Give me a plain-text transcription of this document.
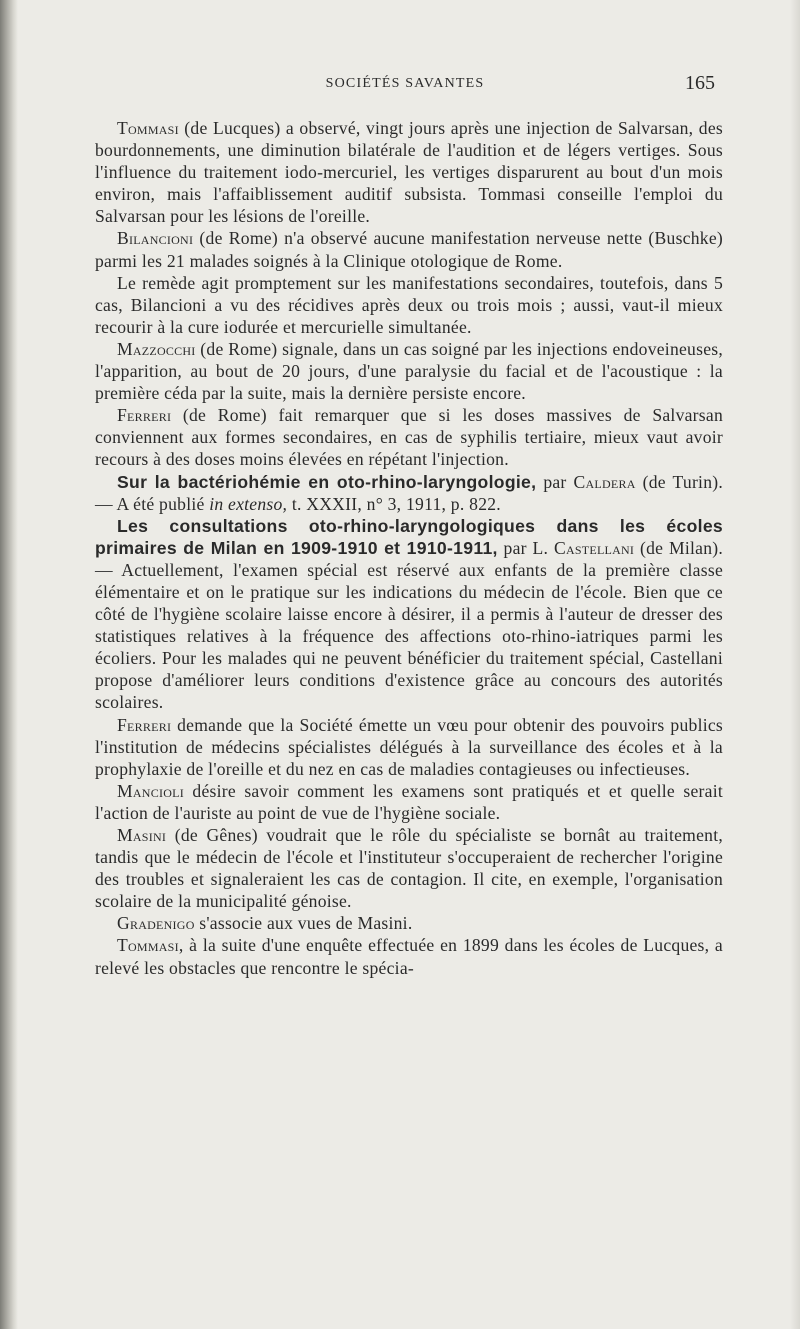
SOCIÉTÉS SAVANTES	165

Tommasi (de Lucques) a observé, vingt jours après une injection de Salvarsan, des bourdonnements, une diminution bilatérale de l'audition et de légers vertiges. Sous l'influence du traitement iodo-mercuriel, les vertiges disparurent au bout d'un mois environ, mais l'affaiblissement auditif subsista. Tommasi conseille l'emploi du Salvarsan pour les lésions de l'oreille.

Bilancioni (de Rome) n'a observé aucune manifestation nerveuse nette (Buschke) parmi les 21 malades soignés à la Clinique otologique de Rome.

Le remède agit promptement sur les manifestations secondaires, toutefois, dans 5 cas, Bilancioni a vu des récidives après deux ou trois mois ; aussi, vaut-il mieux recourir à la cure iodurée et mercurielle simultanée.

Mazzocchi (de Rome) signale, dans un cas soigné par les injections endoveineuses, l'apparition, au bout de 20 jours, d'une paralysie du facial et de l'acoustique : la première céda par la suite, mais la dernière persiste encore.

Ferreri (de Rome) fait remarquer que si les doses massives de Salvarsan conviennent aux formes secondaires, en cas de syphilis tertiaire, mieux vaut avoir recours à des doses moins élevées en répétant l'injection.

Sur la bactériohémie en oto-rhino-laryngologie, par Caldera (de Turin). — A été publié in extenso, t. XXXII, n° 3, 1911, p. 822.

Les consultations oto-rhino-laryngologiques dans les écoles primaires de Milan en 1909-1910 et 1910-1911, par L. Castellani (de Milan). — Actuellement, l'examen spécial est réservé aux enfants de la première classe élémentaire et on le pratique sur les indications du médecin de l'école. Bien que ce côté de l'hygiène scolaire laisse encore à désirer, il a permis à l'auteur de dresser des statistiques relatives à la fréquence des affections oto-rhino-iatriques parmi les écoliers. Pour les malades qui ne peuvent bénéficier du traitement spécial, Castellani propose d'améliorer leurs conditions d'existence grâce au concours des autorités scolaires.

Ferreri demande que la Société émette un vœu pour obtenir des pouvoirs publics l'institution de médecins spécialistes délégués à la surveillance des écoles et à la prophylaxie de l'oreille et du nez en cas de maladies contagieuses ou infectieuses.

Mancioli désire savoir comment les examens sont pratiqués et et quelle serait l'action de l'auriste au point de vue de l'hygiène sociale.

Masini (de Gênes) voudrait que le rôle du spécialiste se bornât au traitement, tandis que le médecin de l'école et l'instituteur s'occuperaient de rechercher l'origine des troubles et signaleraient les cas de contagion. Il cite, en exemple, l'organisation scolaire de la municipalité génoise.

Gradenigo s'associe aux vues de Masini.

Tommasi, à la suite d'une enquête effectuée en 1899 dans les écoles de Lucques, a relevé les obstacles que rencontre le spécia-
